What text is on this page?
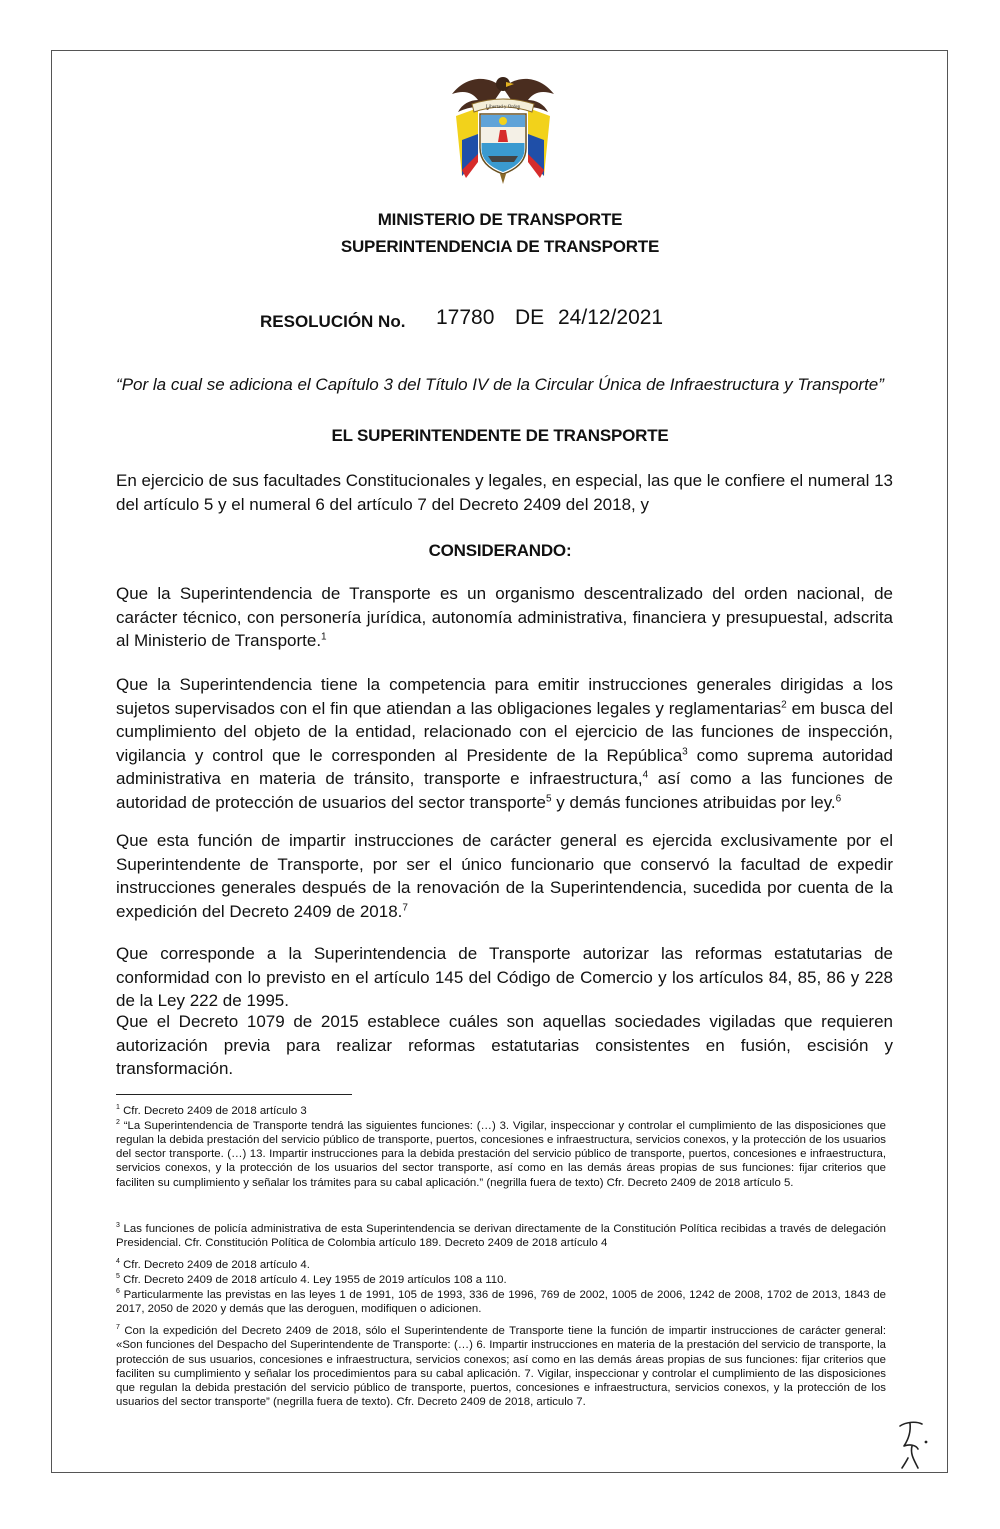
Libertad y Orden
MINISTERIO DE TRANSPORTE
SUPERINTENDENCIA DE TRANSPORTE
RESOLUCIÓN No. 17780 DE 24/12/2021
“Por la cual se adiciona el Capítulo 3 del Título IV de la Circular Única de Infraestructura y Transporte”
EL SUPERINTENDENTE DE TRANSPORTE

En ejercicio de sus facultades Constitucionales y legales, en especial, las que le confiere el numeral 13 del artículo 5 y el numeral 6 del artículo 7 del Decreto 2409 del 2018, y

CONSIDERANDO:

Que la Superintendencia de Transporte es un organismo descentralizado del orden nacional, de carácter técnico, con personería jurídica, autonomía administrativa, financiera y presupuestal, adscrita al Ministerio de Transporte.$^1$

Que la Superintendencia tiene la competencia para emitir instrucciones generales dirigidas a los sujetos supervisados con el fin que atiendan a las obligaciones legales y reglamentarias$^2$ em busca del cumplimiento del objeto de la entidad, relacionado con el ejercicio de las funciones de inspección, vigilancia y control que le corresponden al Presidente de la República$^3$ como suprema autoridad administrativa en materia de tránsito, transporte e infraestructura,$^4$ así como a las funciones de autoridad de protección de usuarios del sector transporte$^5$ y demás funciones atribuidas por ley.$^6$

Que esta función de impartir instrucciones de carácter general es ejercida exclusivamente por el Superintendente de Transporte, por ser el único funcionario que conservó la facultad de expedir instrucciones generales después de la renovación de la Superintendencia, sucedida por cuenta de la expedición del Decreto 2409 de 2018.$^7$

Que corresponde a la Superintendencia de Transporte autorizar las reformas estatutarias de conformidad con lo previsto en el artículo 145 del Código de Comercio y los artículos 84, 85, 86 y 228 de la Ley 222 de 1995.

Que el Decreto 1079 de 2015 establece cuáles son aquellas sociedades vigiladas que requieren autorización previa para realizar reformas estatutarias consistentes en fusión, escisión y transformación.

$^1$ Cfr. Decreto 2409 de 2018 artículo 3

$^2$ “La Superintendencia de Transporte tendrá las siguientes funciones: (…) 3. Vigilar, inspeccionar y controlar el cumplimiento de las disposiciones que regulan la debida prestación del servicio público de transporte, puertos, concesiones e infraestructura, servicios conexos, y la protección de los usuarios del sector transporte. (…) 13. Impartir instrucciones para la debida prestación del servicio público de transporte, puertos, concesiones e infraestructura, servicios conexos, y la protección de los usuarios del sector transporte, así como en las demás áreas propias de sus funciones: fijar criterios que faciliten su cumplimiento y señalar los trámites para su cabal aplicación.” (negrilla fuera de texto) Cfr. Decreto 2409 de 2018 artículo 5.

$^3$ Las funciones de policía administrativa de esta Superintendencia se derivan directamente de la Constitución Política recibidas a través de delegación Presidencial. Cfr. Constitución Política de Colombia artículo 189. Decreto 2409 de 2018 artículo 4

$^4$ Cfr. Decreto 2409 de 2018 artículo 4.

$^5$ Cfr. Decreto 2409 de 2018 artículo 4. Ley 1955 de 2019 artículos 108 a 110.

$^6$ Particularmente las previstas en las leyes 1 de 1991, 105 de 1993, 336 de 1996, 769 de 2002, 1005 de 2006, 1242 de 2008, 1702 de 2013, 1843 de 2017, 2050 de 2020 y demás que las deroguen, modifiquen o adicionen.

$^7$ Con la expedición del Decreto 2409 de 2018, sólo el Superintendente de Transporte tiene la función de impartir instrucciones de carácter general: «Son funciones del Despacho del Superintendente de Transporte: (…) 6. Impartir instrucciones en materia de la prestación del servicio de transporte, la protección de sus usuarios, concesiones e infraestructura, servicios conexos; así como en las demás áreas propias de sus funciones: fijar criterios que faciliten su cumplimiento y señalar los procedimientos para su cabal aplicación. 7. Vigilar, inspeccionar y controlar el cumplimiento de las disposiciones que regulan la debida prestación del servicio público de transporte, puertos, concesiones e infraestructura, servicios conexos, y la protección de los usuarios del sector transporte” (negrilla fuera de texto). Cfr. Decreto 2409 de 2018, articulo 7.
